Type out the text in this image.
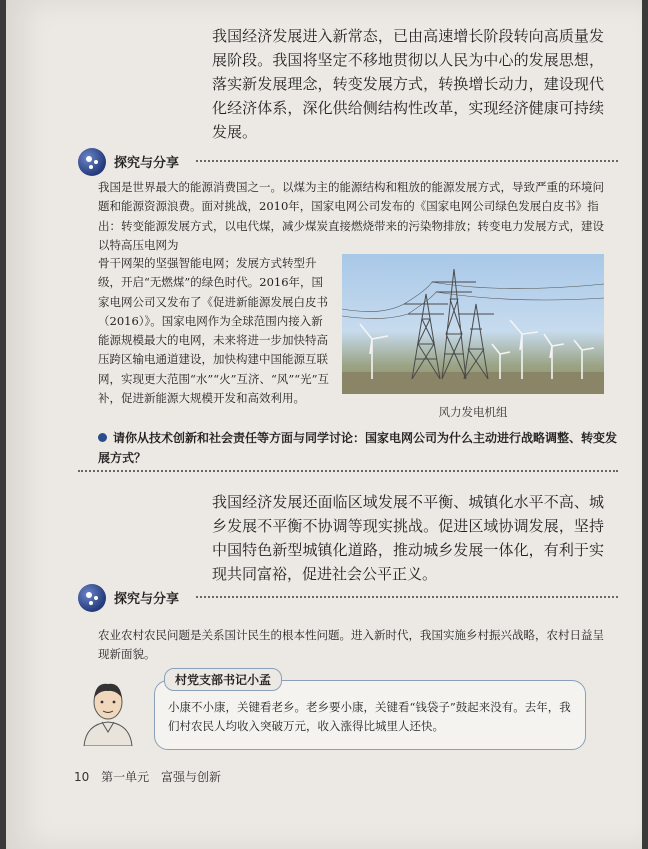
我国经济发展进入新常态，已由高速增长阶段转向高质量发展阶段。我国将坚定不移地贯彻以人民为中心的发展思想，落实新发展理念，转变发展方式，转换增长动力，建设现代化经济体系，深化供给侧结构性改革，实现经济健康可持续发展。

探究与分享

我国是世界最大的能源消费国之一。以煤为主的能源结构和粗放的能源发展方式，导致严重的环境问题和能源资源浪费。面对挑战，2010年，国家电网公司发布的《国家电网公司绿色发展白皮书》指出：转变能源发展方式，以电代煤，减少煤炭直接燃烧带来的污染物排放；转变电力发展方式，建设以特高压电网为

骨干网架的坚强智能电网；发展方式转型升级，开启“无燃煤”的绿色时代。2016年，国家电网公司又发布了《促进新能源发展白皮书（2016）》。国家电网作为全球范围内接入新能源规模最大的电网，未来将进一步加快特高压跨区输电通道建设，加快构建中国能源互联网，实现更大范围“水”“火”互济、“风”“光”互补，促进新能源大规模开发和高效利用。

风力发电机组
请你从技术创新和社会责任等方面与同学讨论：国家电网公司为什么主动进行战略调整、转变发展方式？

我国经济发展还面临区域发展不平衡、城镇化水平不高、城乡发展不平衡不协调等现实挑战。促进区域协调发展，坚持中国特色新型城镇化道路，推动城乡发展一体化，有利于实现共同富裕，促进社会公平正义。

探究与分享

农业农村农民问题是关系国计民生的根本性问题。进入新时代，我国实施乡村振兴战略，农村日益呈现新面貌。

村党支部书记小孟

小康不小康，关键看老乡。老乡要小康，关键看“钱袋子”鼓起来没有。去年，我们村农民人均收入突破万元，收入涨得比城里人还快。

10 第一单元 富强与创新
